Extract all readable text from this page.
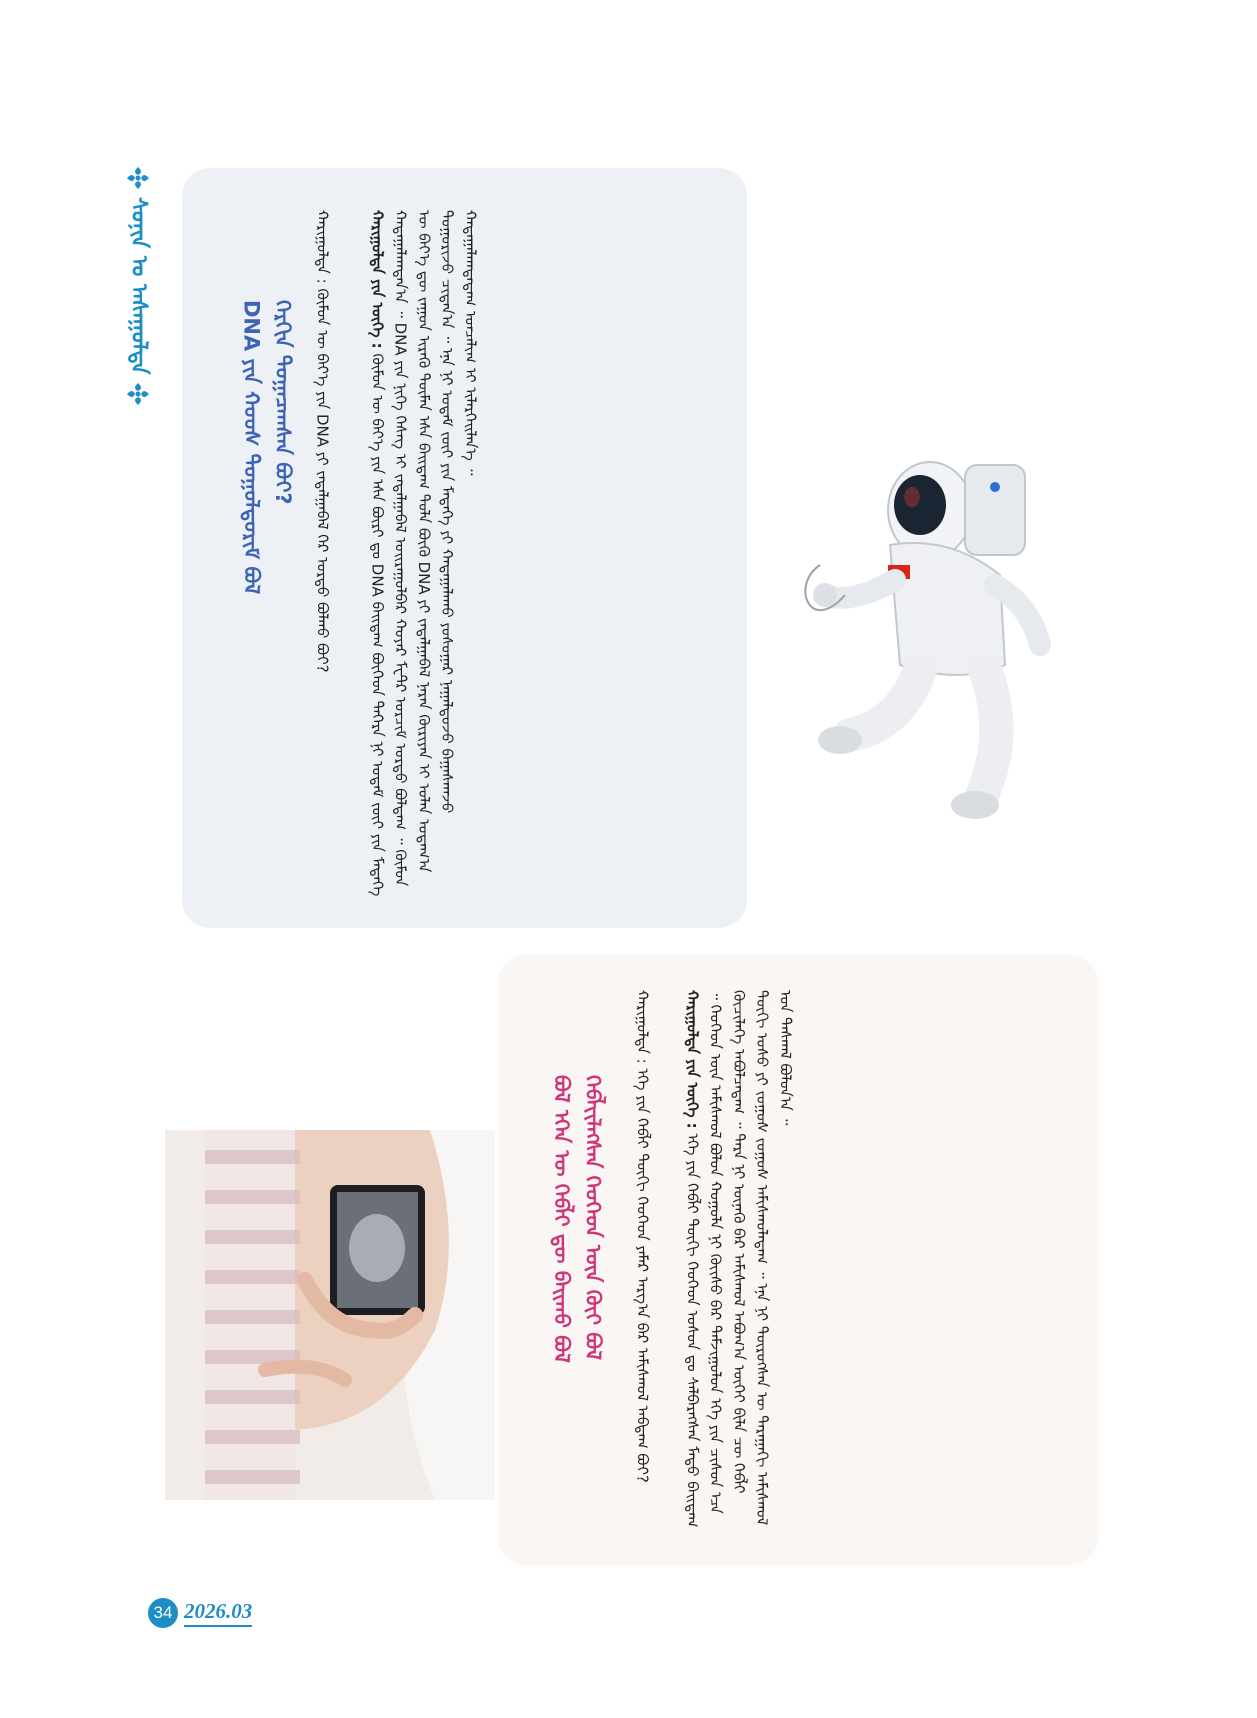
ᠰᠣᠨᠢᠨ ᠤ ᠠᠰᠠᠭᠤᠯᠲᠠ
DNA ᠶᠢᠨ ᠬᠣᠣᠰ ᠲᠣᠭᠣᠯᠳᠤᠷᠢᠮ ᠪᠣᠯ ᠬᠡᠷᠬᠢᠨ ᠲᠣᠭᠠᠴᠠᠭᠰᠠᠨ ᠪᠣᠢ? ᠬᠠᠷᠢᠭᠤᠯᠲᠠ : ᠬᠦᠮᠦᠨ ᠦ ᠪᠡᠶ᠎ᠡ ᠶᠢᠨ DNA ᠶᠢ ᠵᠠᠳᠠᠯᠭᠠᠪᠠᠯ ᠬᠡᠷ ᠤᠷᠲᠤ ᠪᠣᠯᠬᠤ ᠪᠣᠢ?	ᠬᠠᠷᠢᠭᠤᠯᠲᠠ ᠶᠢᠨ ᠦᠭᠡ : ᠬᠦᠮᠦᠨ ᠦ ᠪᠡᠶ᠎ᠡ ᠶᠢᠨ ᠡᠰᠡ ᠪᠦᠷᠢ ᠳᠤ DNA ᠪᠠᠢᠳᠠᠭ ᠪᠥᠭᠡᠳ ᠳᠡᠭᠡᠷᠡ ᠨᠢ ᠤᠳᠠᠮ ᠵᠦᠢ ᠶᠢᠨ ᠮᠡᠳᠡᠭᠡ ᠬᠠᠳᠠᠭᠠᠯᠠᠭᠳᠠᠨ᠎ᠠ ᠃ DNA ᠶᠢᠨ ᠨᠢᠭᠡ ᠬᠡᠰᠡᠭ ᠢ ᠵᠠᠳᠠᠯᠭᠠᠪᠠᠯ ᠣᠢᠷᠠᠭᠤᠯᠪᠠᠷ ᠬᠣᠶᠠᠷ ᠮᠧᠲ᠋ᠷ ᠣᠷᠴᠢᠮ ᠤᠷᠲᠤ ᠪᠣᠯᠳᠠᠭ ᠃ ᠬᠦᠮᠦᠨ ᠦ ᠪᠡᠶ᠎ᠡ ᠳᠦ ᠵᠠᠭᠤᠨ ᠢᠷᠡᠭᠦ ᠲᠦᠮᠡᠨ ᠡᠰᠡ ᠪᠠᠢᠳᠠᠭ ᠲᠤᠯᠠ ᠪᠦᠬᠦ DNA ᠶᠢ ᠵᠠᠳᠠᠯᠭᠠᠪᠠᠯ ᠨᠠᠷᠠᠨ ᠬᠦᠷᠢᠶᠡᠨ ᠢ ᠣᠯᠠᠨ ᠤᠳᠠᠭ᠎ᠠ ᠲᠣᠭᠣᠷᠢᠵᠤ ᠴᠢᠳᠠᠨ᠎ᠠ ᠃ ᠡᠨᠡ ᠨᠢ ᠤᠳᠠᠮ ᠵᠦᠢ ᠶᠢᠨ ᠮᠡᠳᠡᠭᠡ ᠶᠢ ᠬᠠᠳᠠᠭᠠᠯᠠᠬᠤ ᠶᠣᠰᠣᠭᠠᠷ ᠨᠠᠭᠠᠯᠳᠤᠵᠤ ᠪᠠᠭᠠᠰᠬᠠᠵᠤ ᠬᠠᠳᠠᠭᠠᠯᠠᠭᠳᠠᠳᠠᠭ ᠣᠨᠴᠠᠯᠢᠭ ᠢ ᠢᠯᠡᠷᠬᠡᠢᠯᠡᠨ᠎ᠡ ᠃
ᠪᠣᠯ ᠡᠬᠡᠨ ᠦ ᠬᠡᠪᠯᠢ ᠳᠦ ᠪᠠᠢᠬᠤ ᠪᠣᠯ ᠬᠡᠪᠯᠢᠢᠯᠡᠭᠰᠡᠨ ᠬᠡᠦᠬᠡᠳ ᠦᠨ ᠬᠦᠢ ᠪᠣᠯ ᠬᠠᠷᠢᠭᠤᠯᠲᠠ : ᠡᠬᠡ ᠶᠢᠨ ᠬᠡᠪᠯᠢ ᠳᠦᠬᠢ ᠬᠡᠦᠬᠡᠳ ᠶᠠᠮᠠᠷ ᠠᠷᠭ᠎ᠠ ᠪᠠᠷ ᠠᠮᠢᠰᠬᠤᠯ ᠠᠪᠳᠠᠭ ᠪᠣᠢ?	ᠬᠠᠷᠢᠭᠤᠯᠲᠠ ᠶᠢᠨ ᠦᠭᠡ : ᠡᠬᠡ ᠶᠢᠨ ᠬᠡᠪᠯᠢ ᠳᠦᠬᠢ ᠬᠡᠦᠬᠡᠳ ᠤᠰᠤᠨ ᠳᠤ ᠰᠡᠯᠪᠡᠷᠡᠭᠰᠡᠨ ᠮᠡᠲᠦ ᠪᠠᠢᠳᠠᠭ ᠃ ᠬᠡᠦᠬᠡᠳ ᠦᠨ ᠠᠮᠢᠰᠬᠤᠯ ᠪᠣᠯᠤᠨ ᠬᠣᠭᠣᠯᠠ ᠨᠢ ᠬᠦᠢᠰᠦ ᠪᠡᠷ ᠳᠠᠮᠵᠢᠭᠤᠯᠤᠨ ᠡᠬᠡ ᠶᠢᠨ ᠴᠢᠰᠤᠨ ᠡᠴᠡ ᠬᠦᠴᠢᠯᠡᠭᠡ ᠠᠪᠤᠯᠴᠠᠳᠠᠭ ᠃ ᠲᠡᠷᠡ ᠨᠢ ᠦᠨᠡᠬᠦ ᠪᠡᠷ ᠠᠮᠢᠰᠬᠤᠯ ᠠᠪᠤᠭ᠎ᠠ ᠦᠭᠡᠢ ᠪᠢᠯᠡ ᠴᠦ ᠬᠡᠪᠯᠢ ᠳᠦᠬᠢ ᠤᠰᠤ ᠶᠢ ᠵᠣᠭᠤᠰ ᠵᠣᠭᠤᠰ ᠠᠮᠢᠰᠬᠤᠯᠠᠳᠠᠭ ᠃ ᠡᠨᠡ ᠨᠢ ᠲᠦᠷᠦᠭᠰᠡᠨ ᠦ ᠳᠠᠷᠠᠭᠠᠬᠢ ᠠᠮᠢᠰᠬᠤᠯ ᠤᠨ ᠳᠠᠰᠬᠠᠯ ᠪᠣᠯᠤᠨ᠎ᠠ ᠃
34 2026.03
